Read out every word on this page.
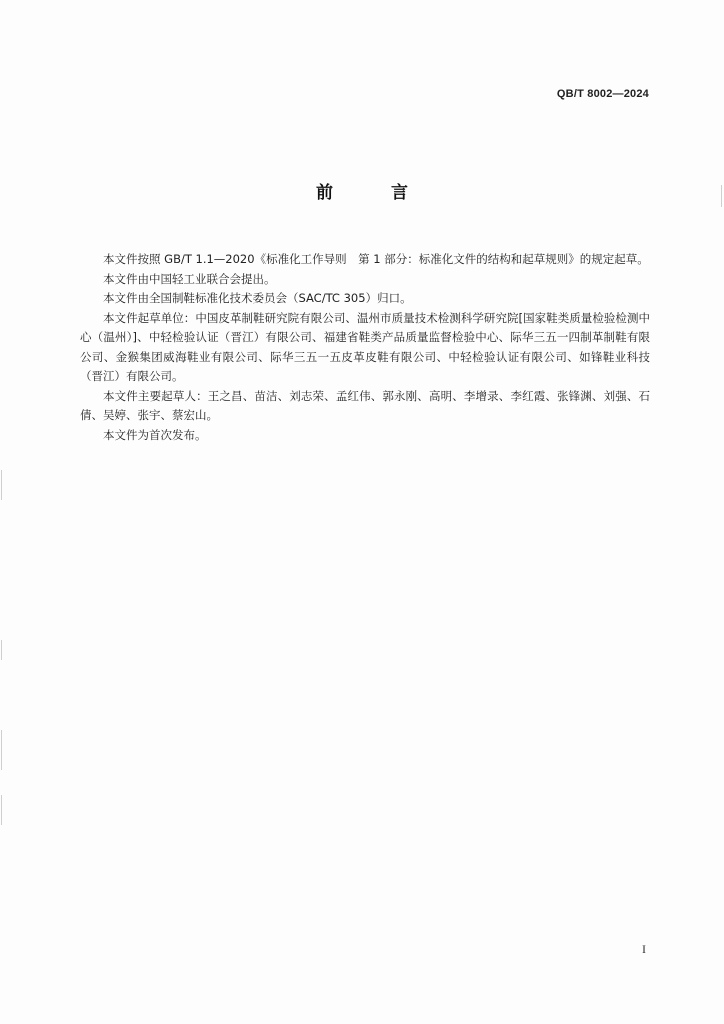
QB/T 8002—2024
前 言

本文件按照 GB/T 1.1—2020《标准化工作导则　第 1 部分：标准化文件的结构和起草规则》的规定起草。

本文件由中国轻工业联合会提出。

本文件由全国制鞋标准化技术委员会（SAC/TC 305）归口。

本文件起草单位：中国皮革制鞋研究院有限公司、温州市质量技术检测科学研究院[国家鞋类质量检验检测中心（温州）]、中轻检验认证（晋江）有限公司、福建省鞋类产品质量监督检验中心、际华三五一四制革制鞋有限公司、金猴集团威海鞋业有限公司、际华三五一五皮革皮鞋有限公司、中轻检验认证有限公司、如锋鞋业科技（晋江）有限公司。

本文件主要起草人：王之昌、苗洁、刘志荣、孟红伟、郭永刚、高明、李增录、李红霞、张锋渊、刘强、石倩、吴婷、张宇、蔡宏山。

本文件为首次发布。

I
